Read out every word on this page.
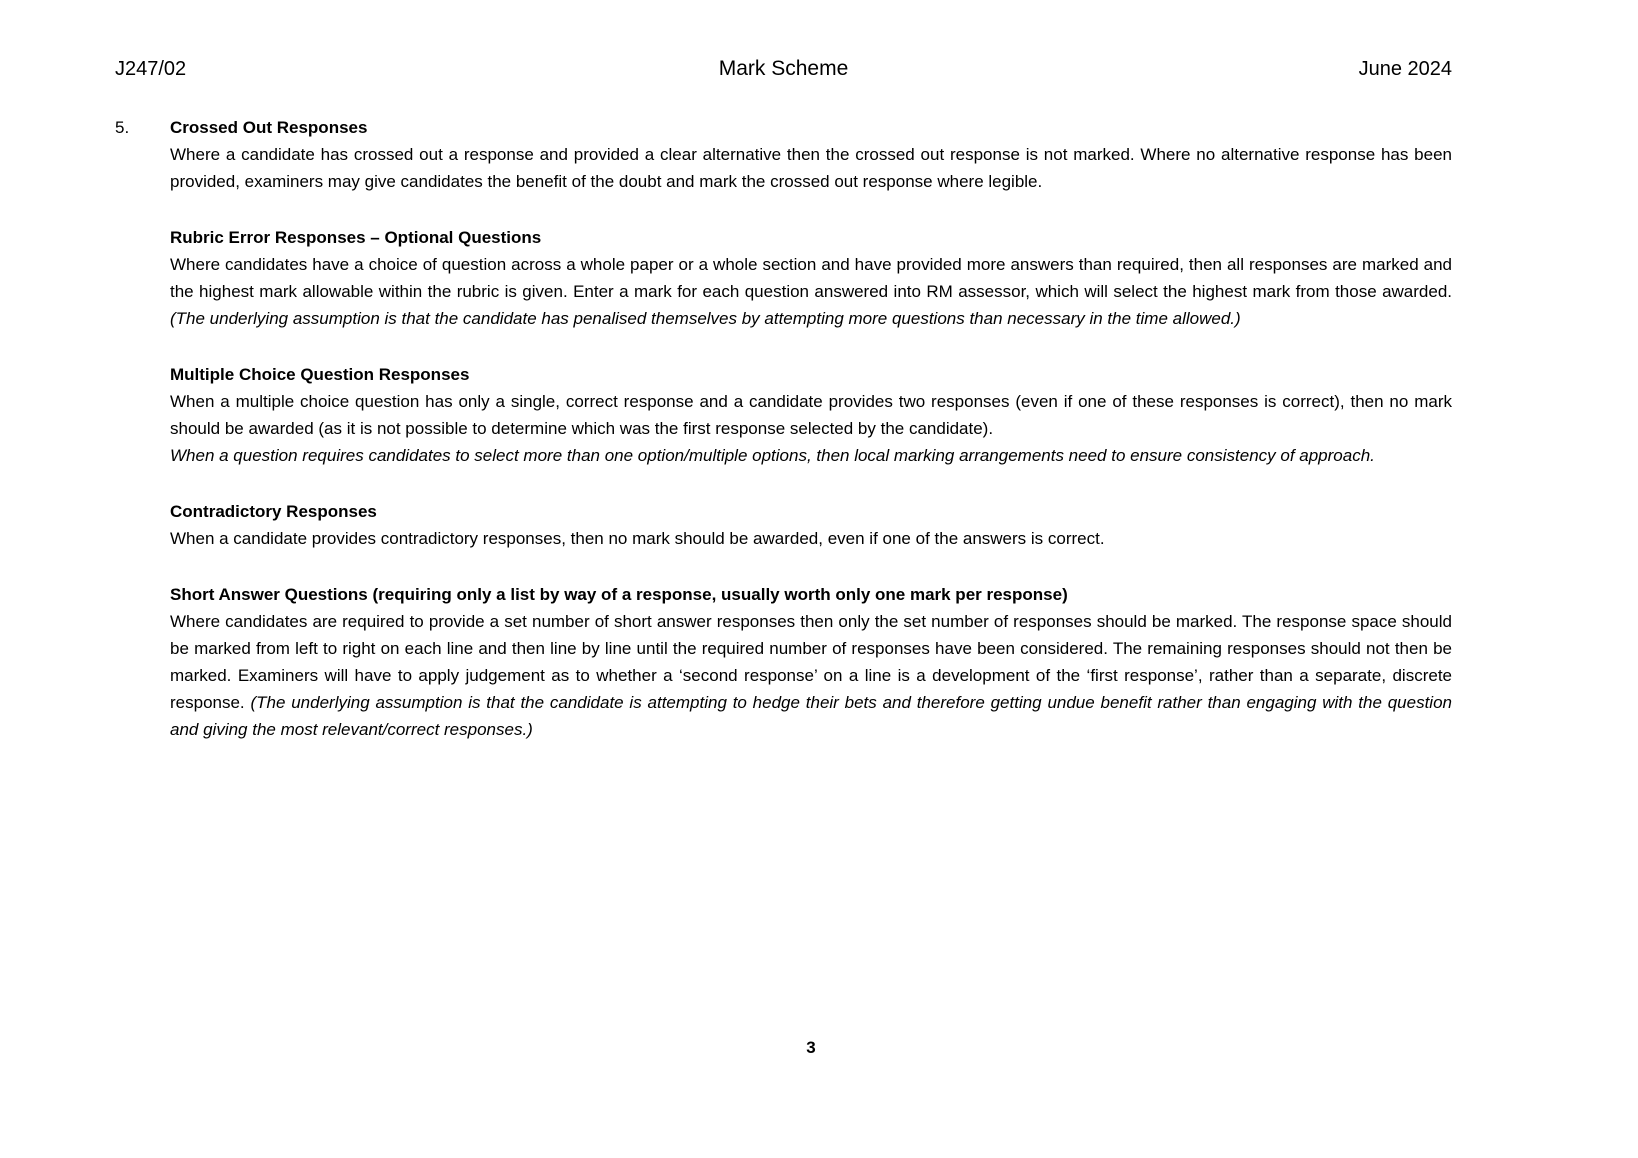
J247/02	Mark Scheme	June 2024
5.	Crossed Out Responses

Where a candidate has crossed out a response and provided a clear alternative then the crossed out response is not marked. Where no alternative response has been provided, examiners may give candidates the benefit of the doubt and mark the crossed out response where legible.

Rubric Error Responses – Optional Questions

Where candidates have a choice of question across a whole paper or a whole section and have provided more answers than required, then all responses are marked and the highest mark allowable within the rubric is given. Enter a mark for each question answered into RM assessor, which will select the highest mark from those awarded. (The underlying assumption is that the candidate has penalised themselves by attempting more questions than necessary in the time allowed.)

Multiple Choice Question Responses

When a multiple choice question has only a single, correct response and a candidate provides two responses (even if one of these responses is correct), then no mark should be awarded (as it is not possible to determine which was the first response selected by the candidate).

When a question requires candidates to select more than one option/multiple options, then local marking arrangements need to ensure consistency of approach.

Contradictory Responses

When a candidate provides contradictory responses, then no mark should be awarded, even if one of the answers is correct.

Short Answer Questions (requiring only a list by way of a response, usually worth only one mark per response)

Where candidates are required to provide a set number of short answer responses then only the set number of responses should be marked. The response space should be marked from left to right on each line and then line by line until the required number of responses have been considered. The remaining responses should not then be marked. Examiners will have to apply judgement as to whether a ‘second response’ on a line is a development of the ‘first response’, rather than a separate, discrete response. (The underlying assumption is that the candidate is attempting to hedge their bets and therefore getting undue benefit rather than engaging with the question and giving the most relevant/correct responses.)

3
